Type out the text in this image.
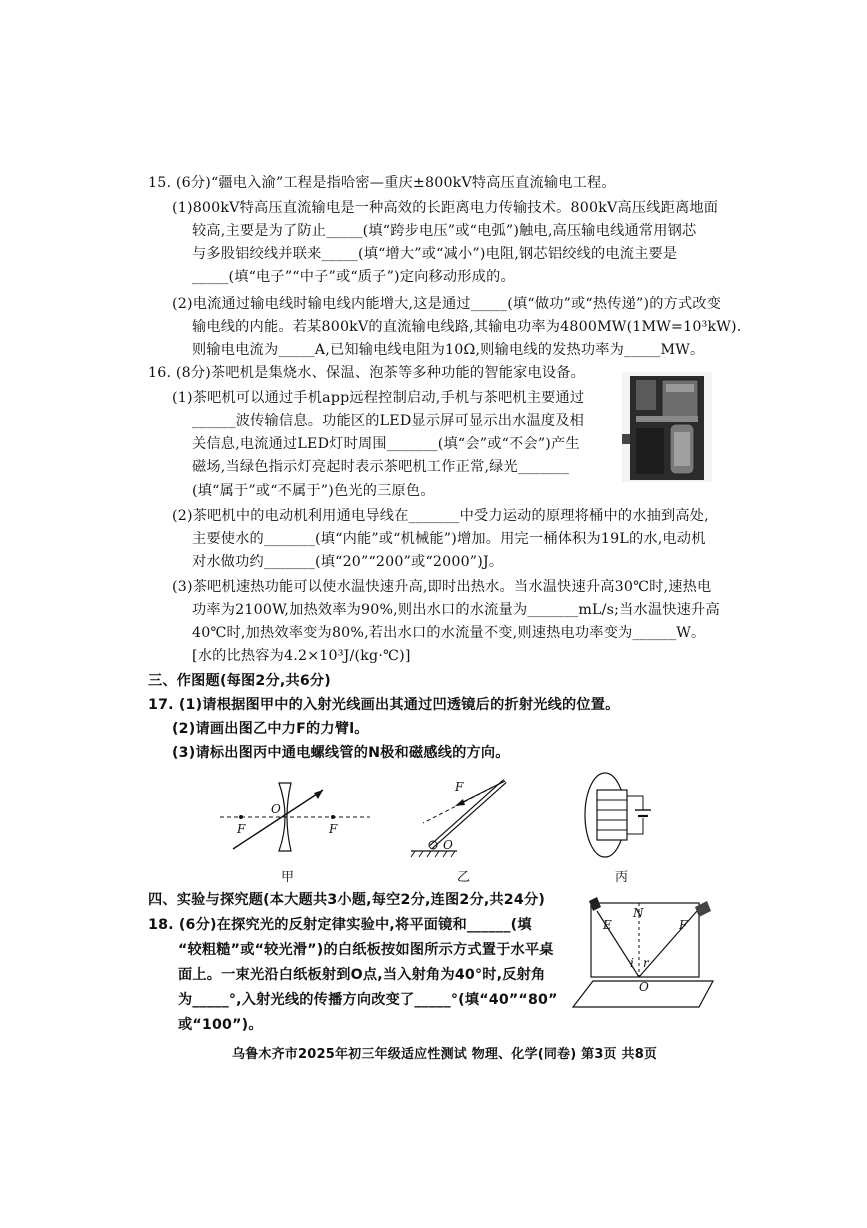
15. (6分)“疆电入渝”工程是指哈密—重庆±800kV特高压直流输电工程。
(1)800kV特高压直流输电是一种高效的长距离电力传输技术。800kV高压线距离地面
较高,主要是为了防止_____(填“跨步电压”或“电弧”)触电,高压输电线通常用钢芯
与多股铝绞线并联来_____(填“增大”或“减小”)电阻,钢芯铝绞线的电流主要是
_____(填“电子”“中子”或“质子”)定向移动形成的。
(2)电流通过输电线时输电线内能增大,这是通过_____(填“做功”或“热传递”)的方式改变
输电线的内能。若某800kV的直流输电线路,其输电功率为4800MW(1MW=10³kW).
则输电电流为_____A,已知输电线电阻为10Ω,则输电线的发热功率为_____MW。
16. (8分)茶吧机是集烧水、保温、泡茶等多种功能的智能家电设备。
(1)茶吧机可以通过手机app远程控制启动,手机与茶吧机主要通过
______波传输信息。功能区的LED显示屏可显示出水温度及相
关信息,电流通过LED灯时周围_______(填“会”或“不会”)产生
磁场,当绿色指示灯亮起时表示茶吧机工作正常,绿光_______
(填“属于”或“不属于”)色光的三原色。
(2)茶吧机中的电动机利用通电导线在_______中受力运动的原理将桶中的水抽到高处,
主要使水的_______(填“内能”或“机械能”)增加。用完一桶体积为19L的水,电动机
对水做功约_______(填“20”“200”或“2000”)J。
(3)茶吧机速热功能可以使水温快速升高,即时出热水。当水温快速升高30℃时,速热电
功率为2100W,加热效率为90%,则出水口的水流量为_______mL/s;当水温快速升高
40℃时,加热效率变为80%,若出水口的水流量不变,则速热电功率变为______W。
[水的比热容为4.2×10³J/(kg·℃)]
三、作图题(每图2分,共6分)
17. (1)请根据图甲中的入射光线画出其通过凹透镜后的折射光线的位置。
(2)请画出图乙中力F的力臂l。
(3)请标出图丙中通电螺线管的N极和磁感线的方向。
O
F	F
甲
F
O
乙	丙
四、实验与探究题(本大题共3小题,每空2分,连图2分,共24分)
18. (6分)在探究光的反射定律实验中,将平面镜和______(填
“较粗糙”或“较光滑”)的白纸板按如图所示方式置于水平桌
面上。一束光沿白纸板射到O点,当入射角为40°时,反射角
为_____°,入射光线的传播方向改变了_____°(填“40”“80”
或“100”)。
E
N
F
O
i r
乌鲁木齐市2025年初三年级适应性测试 物理、化学(同卷) 第3页 共8页
